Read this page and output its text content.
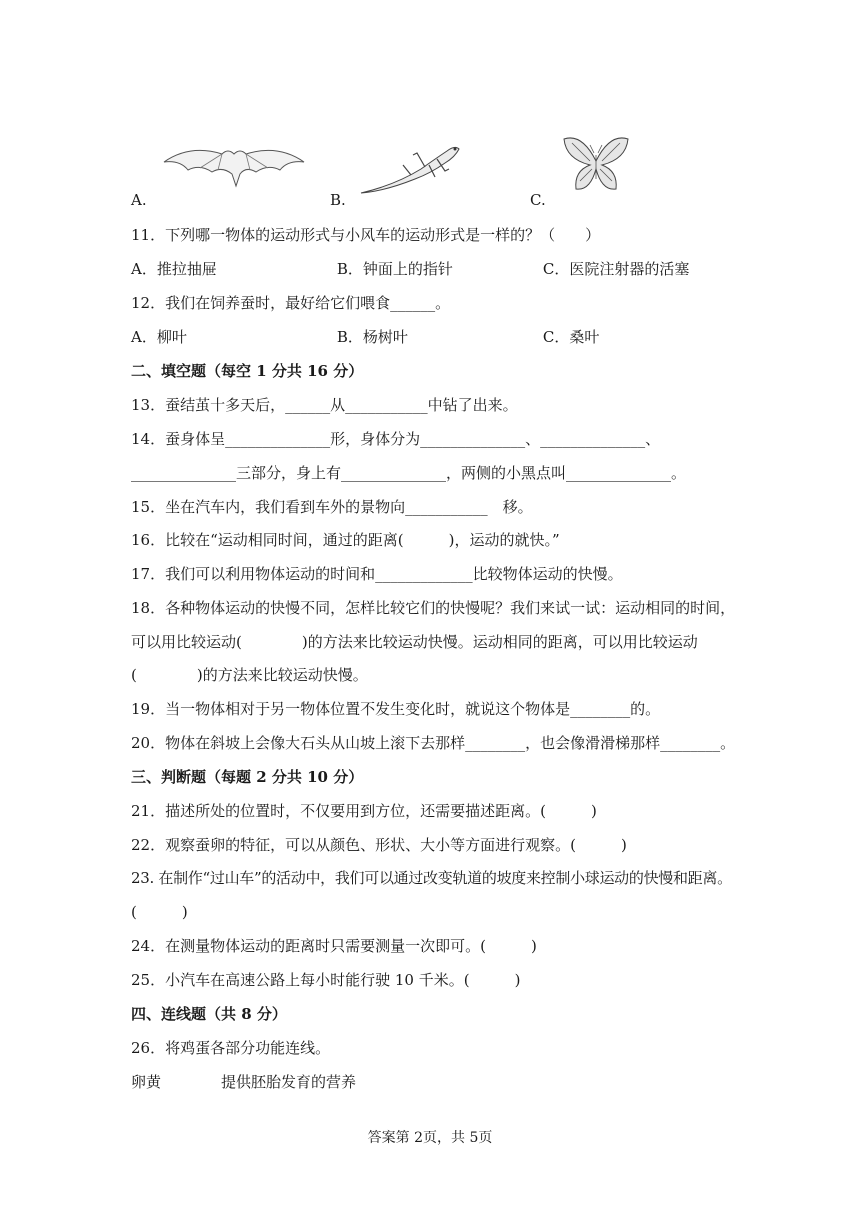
A.	B.	C.
11．下列哪一物体的运动形式与小风车的运动形式是一样的？（　　）
A．推拉抽屉　　　　　　　　B．钟面上的指针　　　　　　C．医院注射器的活塞
12．我们在饲养蚕时，最好给它们喂食______。
A．柳叶　　　　　　　　　　B．杨树叶　　　　　　　　　C．桑叶
二、填空题（每空 1 分共 16 分）
13．蚕结茧十多天后，______从___________中钻了出来。
14．蚕身体呈______________形，身体分为______________、______________、
______________三部分，身上有______________，两侧的小黑点叫______________。
15．坐在汽车内，我们看到车外的景物向___________　移。
16．比较在“运动相同时间，通过的距离(　　　)，运动的就快。”
17．我们可以利用物体运动的时间和_____________比较物体运动的快慢。
18．各种物体运动的快慢不同，怎样比较它们的快慢呢？我们来试一试：运动相同的时间，
可以用比较运动(　　　　)的方法来比较运动快慢。运动相同的距离，可以用比较运动
(　　　　)的方法来比较运动快慢。
19．当一物体相对于另一物体位置不发生变化时，就说这个物体是________的。
20．物体在斜坡上会像大石头从山坡上滚下去那样________，也会像滑滑梯那样________。
三、判断题（每题 2 分共 10 分）
21．描述所处的位置时，不仅要用到方位，还需要描述距离。(　　　)
22．观察蚕卵的特征，可以从颜色、形状、大小等方面进行观察。(　　　)
23. 在制作“过山车”的活动中，我们可以通过改变轨道的坡度来控制小球运动的快慢和距离。
(　　　)
24．在测量物体运动的距离时只需要测量一次即可。(　　　)
25．小汽车在高速公路上每小时能行驶 10 千米。(　　　)
四、连线题（共 8 分）
26．将鸡蛋各部分功能连线。
卵黄　　　　提供胚胎发育的营养
答案第 2页，共 5页
